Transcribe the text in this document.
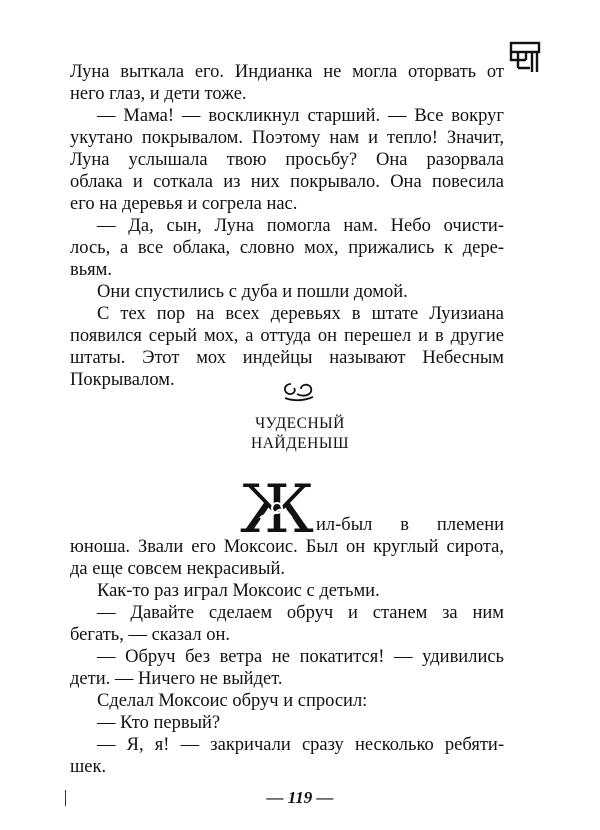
Луна выткала его. Индианка не могла оторвать от
него глаз, и дети тоже.
— Мама! — воскликнул старший. — Все вокруг
укутано покрывалом. Поэтому нам и тепло! Значит,
Луна услышала твою просьбу? Она разорвала
облака и соткала из них покрывало. Она повесила
его на деревья и согрела нас.
— Да, сын, Луна помогла нам. Небо очисти-
лось, а все облака, словно мох, прижались к дере-
вьям.
Они спустились с дуба и пошли домой.
С тех пор на всех деревьях в штате Луизиана
появился серый мох, а оттуда он перешел и в другие
штаты. Этот мох индейцы называют Небесным
Покрывалом.
ЧУДЕСНЫЙ
НАЙДЕНЫШ
Ж ил-был в племени
юноша. Звали его Моксоис. Был он круглый сирота,
да еще совсем некрасивый.
Как-то раз играл Моксоис с детьми.
— Давайте сделаем обруч и станем за ним
бегать, — сказал он.
— Обруч без ветра не покатится! — удивились
дети. — Ничего не выйдет.
Сделал Моксоис обруч и спросил:
— Кто первый?
— Я, я! — закричали сразу несколько ребяти-
шек.
— 119 —
